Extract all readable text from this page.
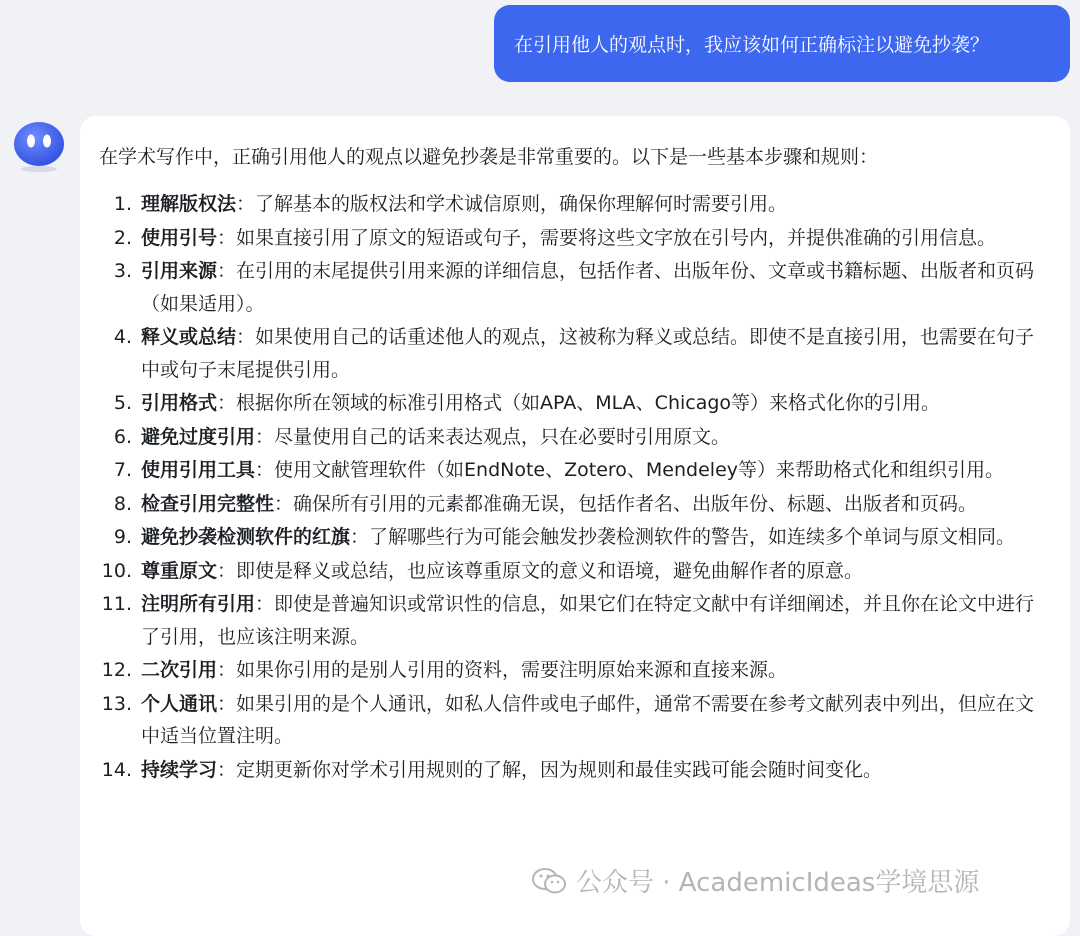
在引用他人的观点时，我应该如何正确标注以避免抄袭？

在学术写作中，正确引用他人的观点以避免抄袭是非常重要的。以下是一些基本步骤和规则：

1. 理解版权法：了解基本的版权法和学术诚信原则，确保你理解何时需要引用。
2. 使用引号：如果直接引用了原文的短语或句子，需要将这些文字放在引号内，并提供准确的引用信息。
3. 引用来源：在引用的末尾提供引用来源的详细信息，包括作者、出版年份、文章或书籍标题、出版者和页码（如果适用）。
4. 释义或总结：如果使用自己的话重述他人的观点，这被称为释义或总结。即使不是直接引用，也需要在句子中或句子末尾提供引用。
5. 引用格式：根据你所在领域的标准引用格式（如APA、MLA、Chicago等）来格式化你的引用。
6. 避免过度引用：尽量使用自己的话来表达观点，只在必要时引用原文。
7. 使用引用工具：使用文献管理软件（如EndNote、Zotero、Mendeley等）来帮助格式化和组织引用。
8. 检查引用完整性：确保所有引用的元素都准确无误，包括作者名、出版年份、标题、出版者和页码。
9. 避免抄袭检测软件的红旗：了解哪些行为可能会触发抄袭检测软件的警告，如连续多个单词与原文相同。
10. 尊重原文：即使是释义或总结，也应该尊重原文的意义和语境，避免曲解作者的原意。
11. 注明所有引用：即使是普遍知识或常识性的信息，如果它们在特定文献中有详细阐述，并且你在论文中进行了引用，也应该注明来源。
12. 二次引用：如果你引用的是别人引用的资料，需要注明原始来源和直接来源。
13. 个人通讯：如果引用的是个人通讯，如私人信件或电子邮件，通常不需要在参考文献列表中列出，但应在文中适当位置注明。
14. 持续学习：定期更新你对学术引用规则的了解，因为规则和最佳实践可能会随时间变化。
公众号 · AcademicIdeas学境思源
